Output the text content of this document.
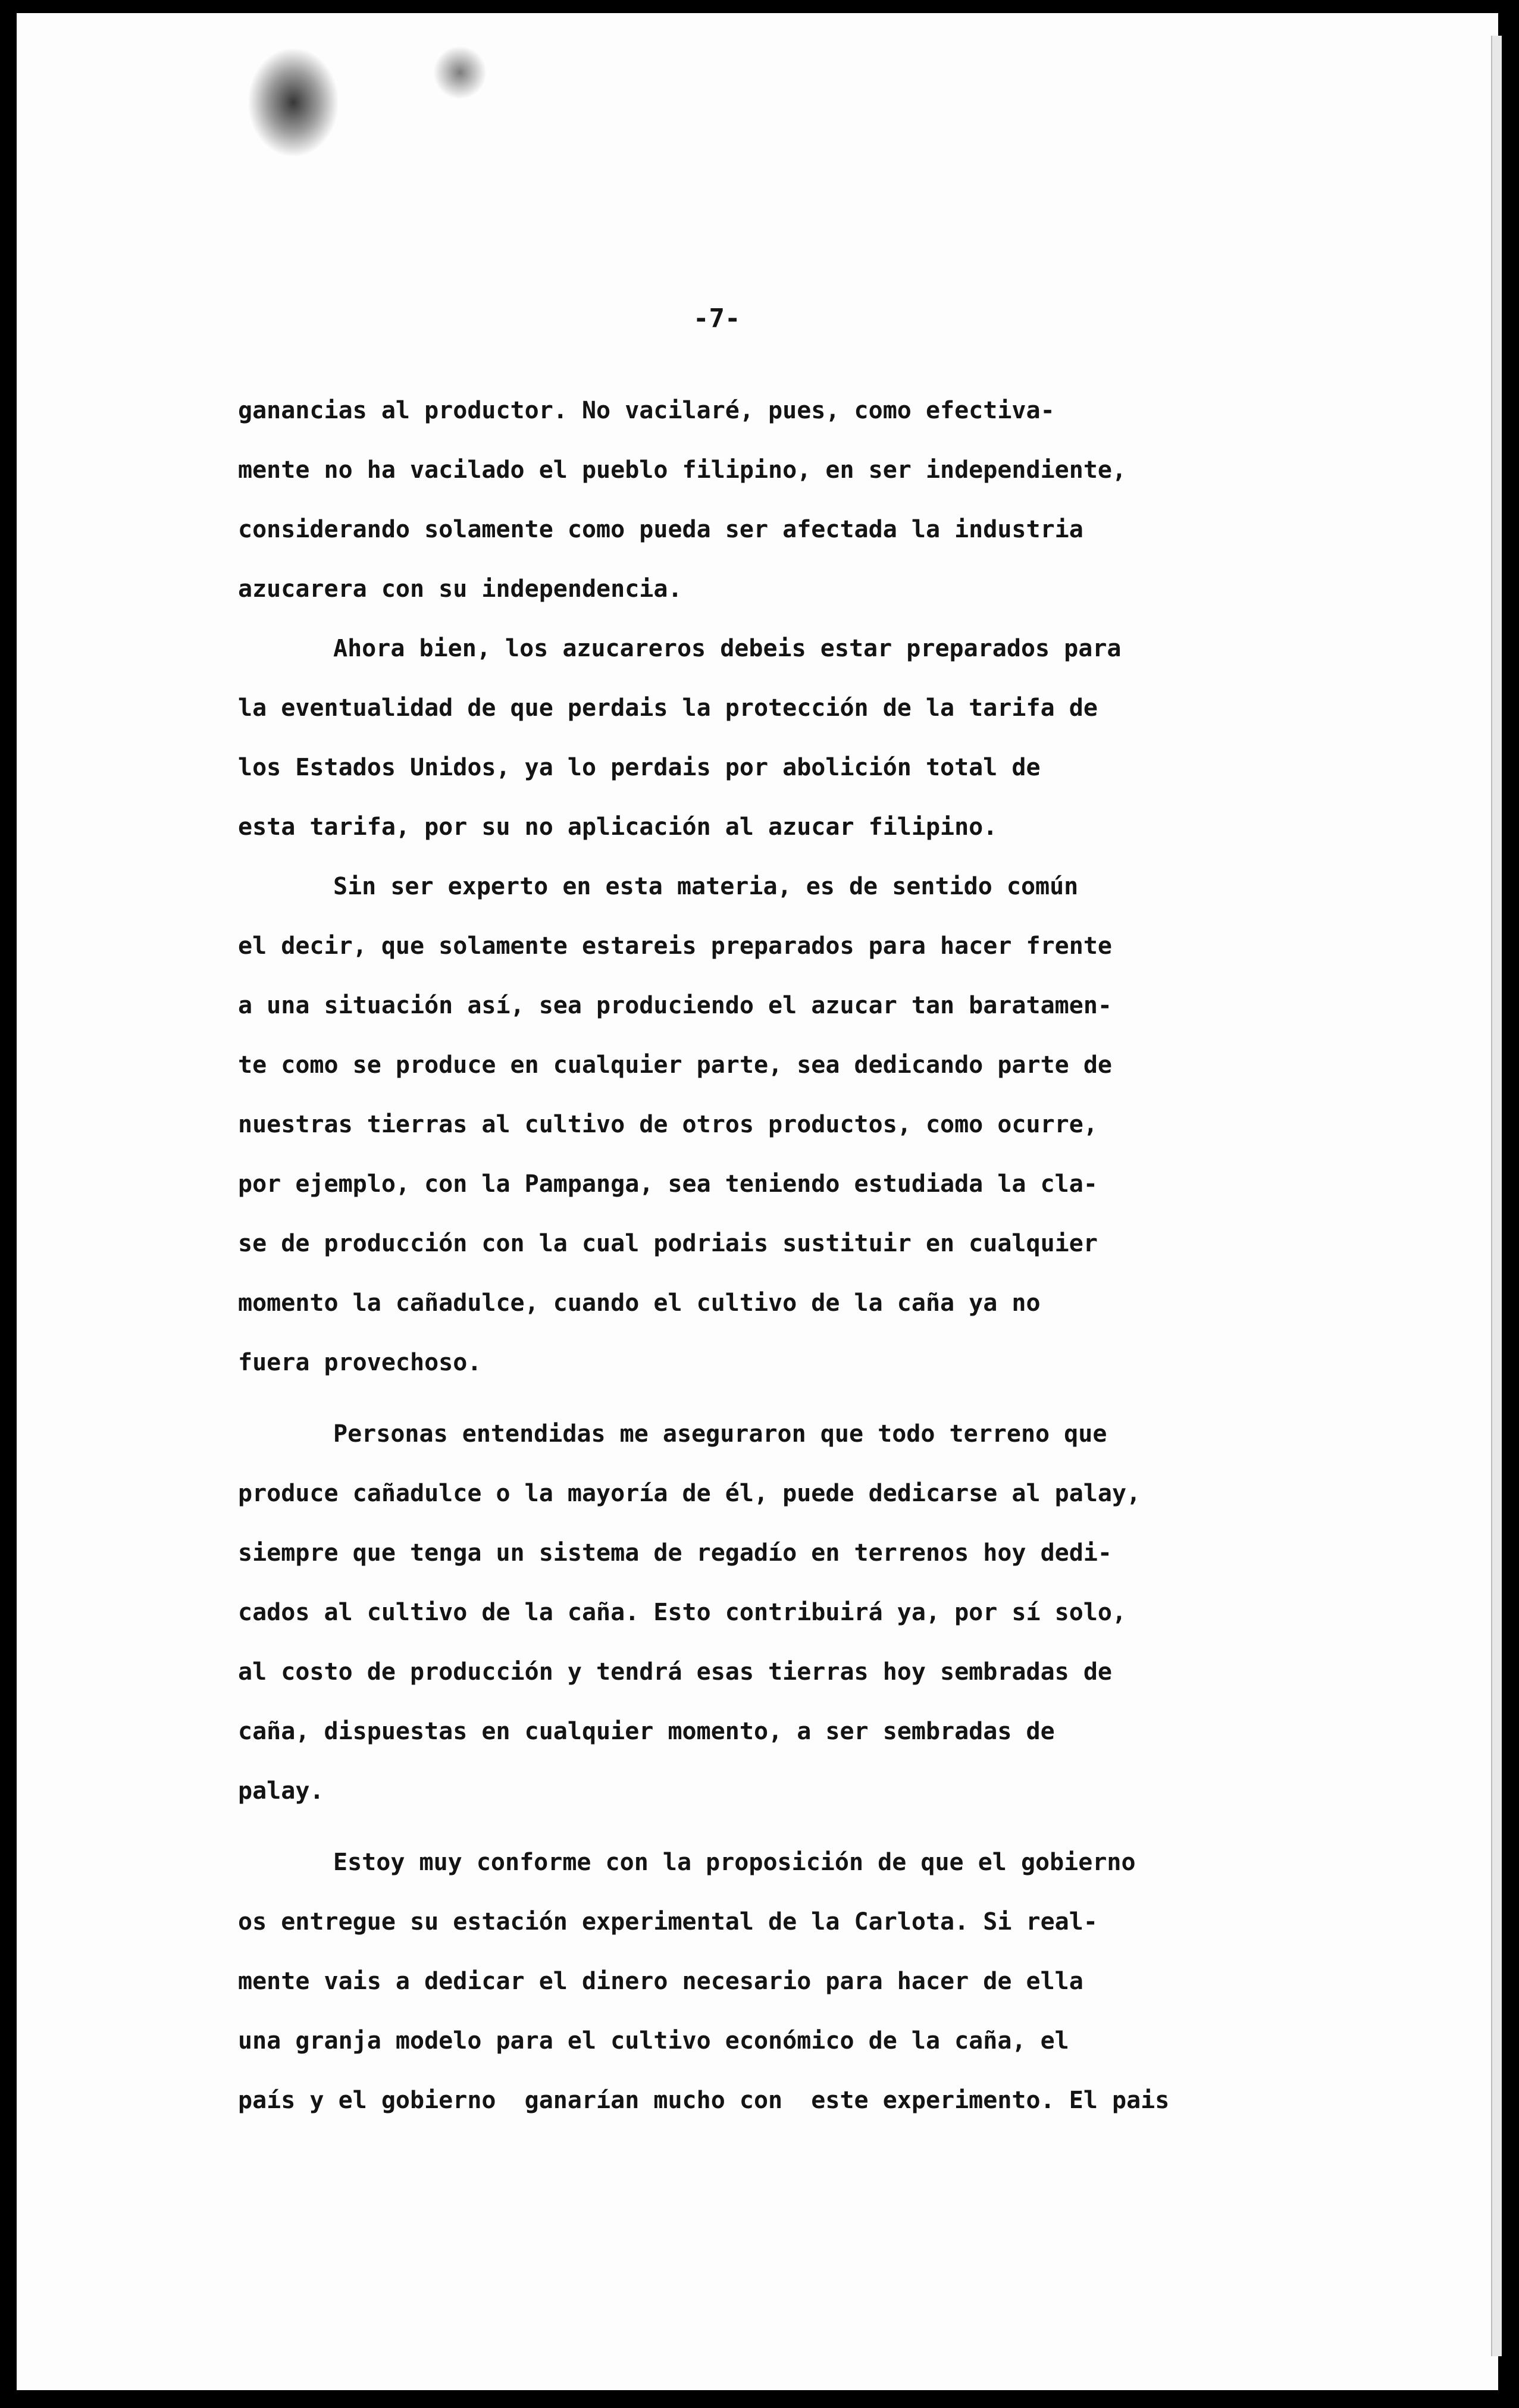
-7-
ganancias al productor. No vacilaré, pues, como efectiva-
mente no ha vacilado el pueblo filipino, en ser independiente,
considerando solamente como pueda ser afectada la industria
azucarera con su independencia.
Ahora bien, los azucareros debeis estar preparados para
la eventualidad de que perdais la protección de la tarifa de
los Estados Unidos, ya lo perdais por abolición total de
esta tarifa, por su no aplicación al azucar filipino.
Sin ser experto en esta materia, es de sentido común
el decir, que solamente estareis preparados para hacer frente
a una situación así, sea produciendo el azucar tan baratamen-
te como se produce en cualquier parte, sea dedicando parte de
nuestras tierras al cultivo de otros productos, como ocurre,
por ejemplo, con la Pampanga, sea teniendo estudiada la cla-
se de producción con la cual podriais sustituir en cualquier
momento la cañadulce, cuando el cultivo de la caña ya no
fuera provechoso.
Personas entendidas me aseguraron que todo terreno que
produce cañadulce o la mayoría de él, puede dedicarse al palay,
siempre que tenga un sistema de regadío en terrenos hoy dedi-
cados al cultivo de la caña. Esto contribuirá ya, por sí solo,
al costo de producción y tendrá esas tierras hoy sembradas de
caña, dispuestas en cualquier momento, a ser sembradas de
palay.
Estoy muy conforme con la proposición de que el gobierno
os entregue su estación experimental de la Carlota. Si real-
mente vais a dedicar el dinero necesario para hacer de ella
una granja modelo para el cultivo económico de la caña, el
país y el gobierno  ganarían mucho con  este experimento. El pais
